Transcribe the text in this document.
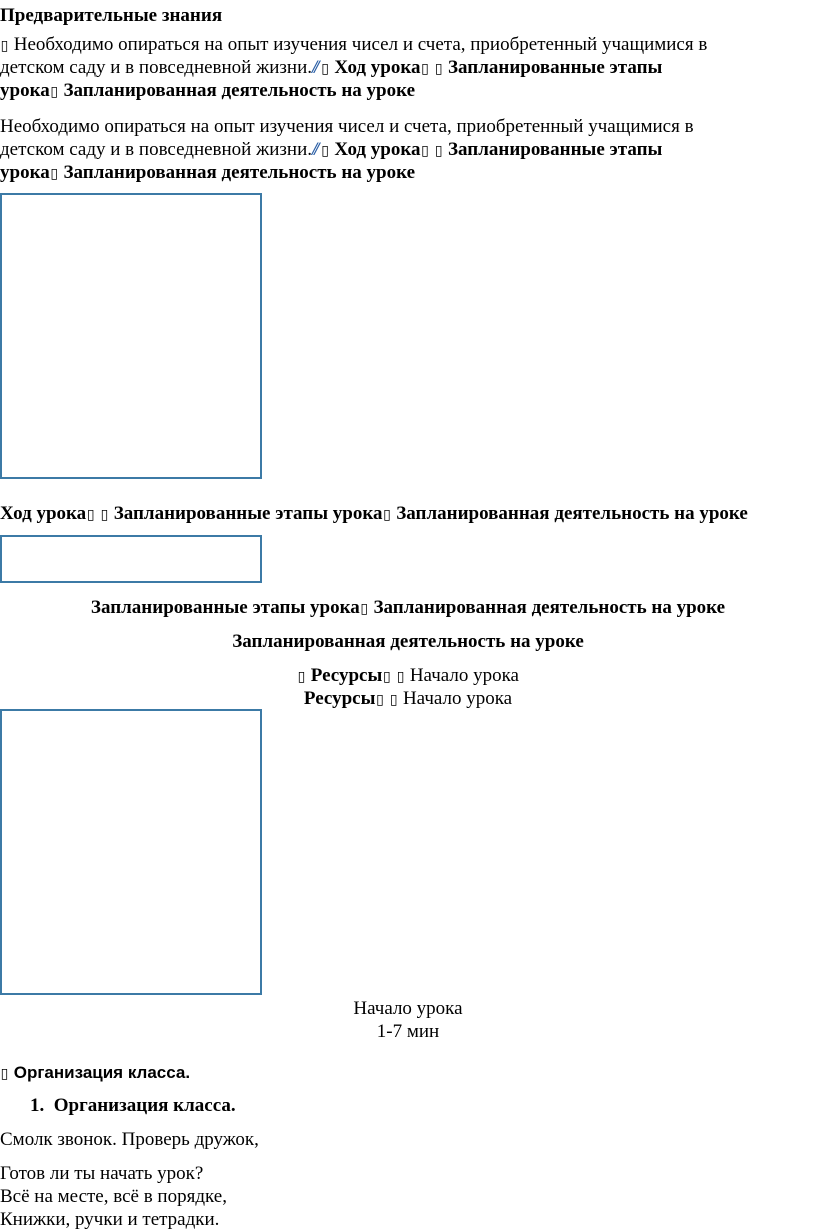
Предварительные знания
▯ Необходимо опираться на опыт изучения чисел и счета, приобретенный учащимися в
детском саду и в повседневной жизни.// ▯ Ход урока▯ ▯ Запланированные этапы
урока▯ Запланированная деятельность на уроке
Необходимо опираться на опыт изучения чисел и счета, приобретенный учащимися в
детском саду и в повседневной жизни.// ▯ Ход урока▯ ▯ Запланированные этапы
урока▯ Запланированная деятельность на уроке
Ход урока▯ ▯ Запланированные этапы урока▯ Запланированная деятельность на уроке
Запланированные этапы урока▯ Запланированная деятельность на уроке
Запланированная деятельность на уроке
▯ Ресурсы▯ ▯ Начало урока
Ресурсы▯ ▯ Начало урока
Начало урока
1-7 мин
▯ Организация класса.
1. Организация класса.
Смолк звонок. Проверь дружок,
Готов ли ты начать урок?
Всё на месте, всё в порядке,
Книжки, ручки и тетрадки.
